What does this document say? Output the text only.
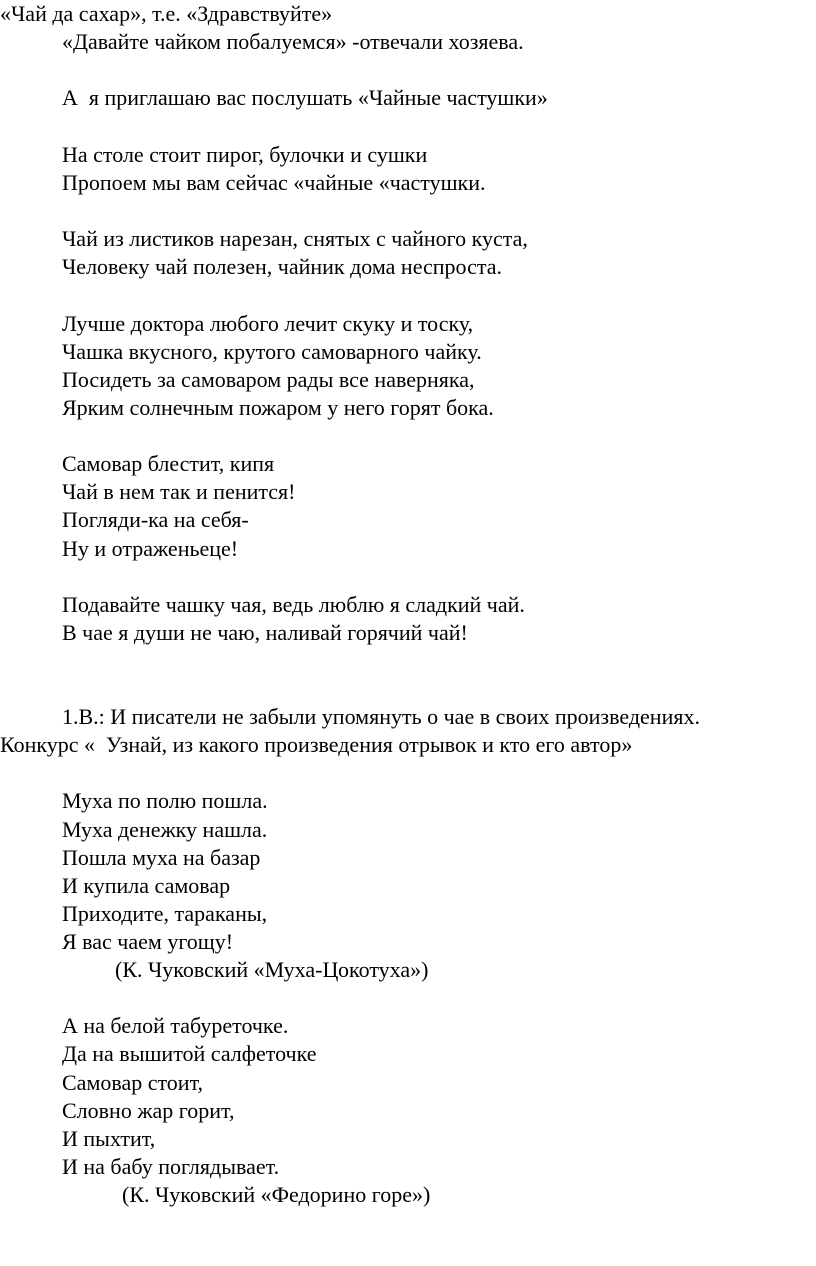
«Чай да сахар», т.е. «Здравствуйте»
«Давайте чайком побалуемся» -отвечали хозяева.
А  я приглашаю вас послушать «Чайные частушки»
На столе стоит пирог, булочки и сушки
Пропоем мы вам сейчас «чайные «частушки.
Чай из листиков нарезан, снятых с чайного куста,
Человеку чай полезен, чайник дома неспроста.
Лучше доктора любого лечит скуку и тоску,
Чашка вкусного, крутого самоварного чайку.
Посидеть за самоваром рады все наверняка,
Ярким солнечным пожаром у него горят бока.
Самовар блестит, кипя
Чай в нем так и пенится!
Погляди-ка на себя-
Ну и отраженьеце!
Подавайте чашку чая, ведь люблю я сладкий чай.
В чае я души не чаю, наливай горячий чай!
1.В.: И писатели не забыли упомянуть о чае в своих произведениях.
Конкурс «  Узнай, из какого произведения отрывок и кто его автор»
Муха по полю пошла.
Муха денежку нашла.
Пошла муха на базар
И купила самовар
Приходите, тараканы,
Я вас чаем угощу!
(К. Чуковский «Муха-Цокотуха»)
А на белой табуреточке.
Да на вышитой салфеточке
Самовар стоит,
Словно жар горит,
И пыхтит,
И на бабу поглядывает.
(К. Чуковский «Федорино горе»)
